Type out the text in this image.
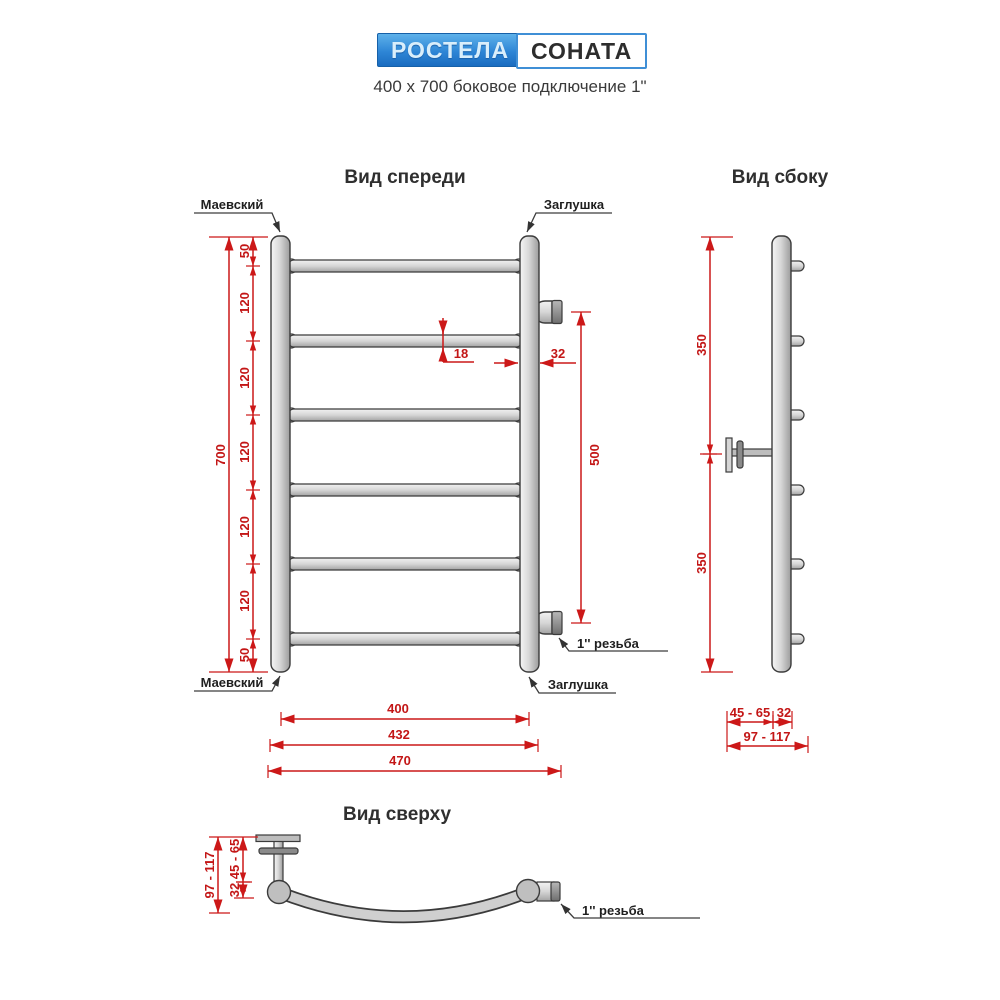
РОСТЕЛА СОНАТА
400 x 700 боковое подключение 1"
Вид спереди	Вид сбоку
Вид сверху
Маевский	Заглушка
Маевский	Заглушка
1'' резьба
1'' резьба
700
50
120
120
120
120
120
50
18	32
500
400
432
470
350
350
45 - 65 32
97 - 117
97 - 117 45 - 65
32
